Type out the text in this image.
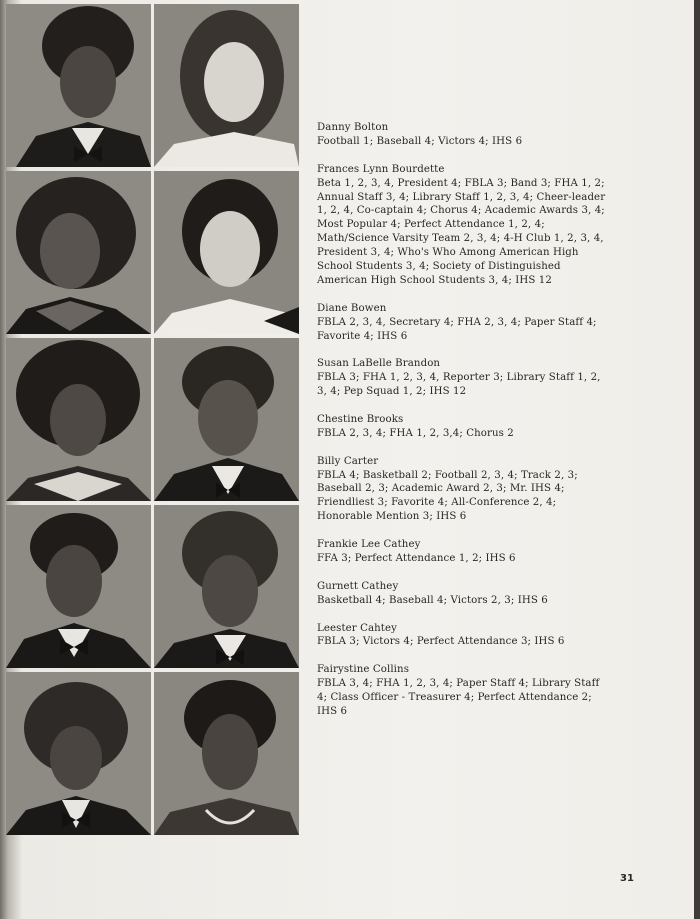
Danny Bolton
Football 1; Baseball 4; Victors 4; IHS 6
Frances Lynn Bourdette
Beta 1, 2, 3, 4, President 4; FBLA 3; Band 3; FHA 1, 2; Annual Staff 3, 4; Library Staff 1, 2, 3, 4; Cheer-leader 1, 2, 4, Co-captain 4; Chorus 4; Academic Awards 3, 4; Most Popular 4; Perfect Attendance 1, 2, 4; Math/Science Varsity Team 2, 3, 4; 4-H Club 1, 2, 3, 4, President 3, 4; Who's Who Among American High School Students 3, 4; Society of Distinguished American High School Students 3, 4; IHS 12
Diane Bowen
FBLA 2, 3, 4, Secretary 4; FHA 2, 3, 4; Paper Staff 4; Favorite 4; IHS 6
Susan LaBelle Brandon
FBLA 3; FHA 1, 2, 3, 4, Reporter 3; Library Staff 1, 2, 3, 4; Pep Squad 1, 2; IHS 12
Chestine Brooks
FBLA 2, 3, 4; FHA 1, 2, 3,4; Chorus 2
Billy Carter
FBLA 4; Basketball 2; Football 2, 3, 4; Track 2, 3; Baseball 2, 3; Academic Award 2, 3; Mr. IHS 4; Friendliest 3; Favorite 4; All-Conference 2, 4; Honorable Mention 3; IHS 6
Frankie Lee Cathey
FFA 3; Perfect Attendance 1, 2; IHS 6
Gurnett Cathey
Basketball 4; Baseball 4; Victors 2, 3; IHS 6
Leester Cahtey
FBLA 3; Victors 4; Perfect Attendance 3; IHS 6
Fairystine Collins
FBLA 3, 4; FHA 1, 2, 3, 4; Paper Staff 4; Library Staff 4; Class Officer - Treasurer 4; Perfect Attendance 2; IHS 6
31
